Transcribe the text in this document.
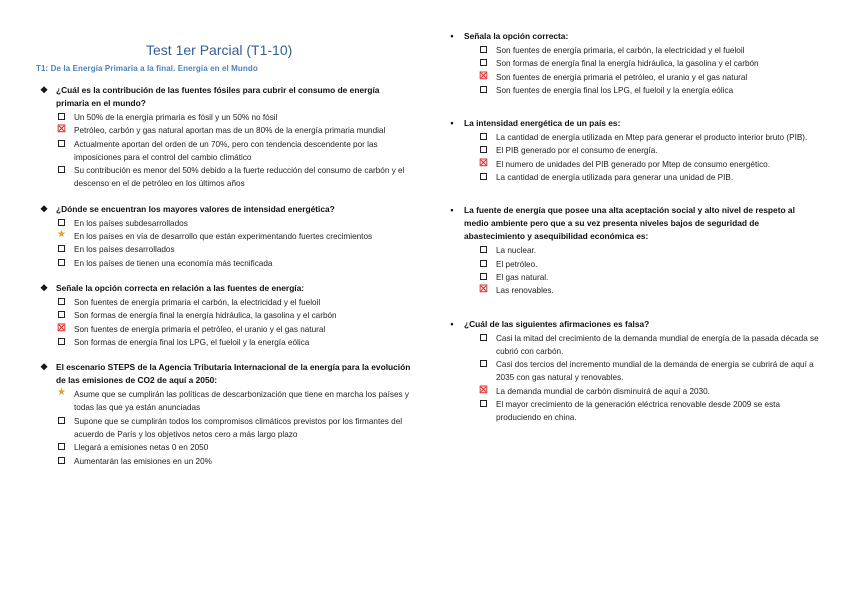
Test 1er Parcial (T1-10)
T1: De la Energía Primaria a la final. Energía en el Mundo
❖ ¿Cuál es la contribución de las fuentes fósiles para cubrir el consumo de energía primaria en el mundo?
Un 50% de la energía primaria es fósil y un 50% no fósil
☒ Petróleo, carbón y gas natural aportan mas de un 80% de la energía primaria mundial
Actualmente aportan del orden de un 70%, pero con tendencia descendente por las imposiciones para el control del cambio climático
Su contribución es menor del 50% debido a la fuerte reducción del consumo de carbón y el descenso en el de petróleo en los últimos años
❖ ¿Dónde se encuentran los mayores valores de intensidad energética?
En los países subdesarrollados
★ En los países en vía de desarrollo que están experimentando fuertes crecimientos
En los países desarrollados
En los países de tienen una economía más tecnificada
❖ Señale la opción correcta en relación a las fuentes de energía:
Son fuentes de energía primaria el carbón, la electricidad y el fueloil
Son formas de energía final la energía hidráulica, la gasolina y el carbón
☒ Son fuentes de energía primaria el petróleo, el uranio y el gas natural
Son formas de energía final los LPG, el fueloil y la energía eólica
❖ El escenario STEPS de la Agencia Tributaria Internacional de la energía para la evolución de las emisiones de CO2 de aquí a 2050:
★ Asume que se cumplirán las políticas de descarbonización que tiene en marcha los países y todas las que ya están anunciadas
Supone que se cumplirán todos los compromisos climáticos previstos por los firmantes del acuerdo de París y los objetivos netos cero a más largo plazo
Llegará a emisiones netas 0 en 2050
Aumentarán las emisiones en un 20%
•	Señala la opción correcta:
Son fuentes de energía primaria, el carbón, la electricidad y el fueloil
Son formas de energía final la energía hidráulica, la gasolina y el carbón
☒ Son fuentes de energía primaria el petróleo, el uranio y el gas natural
Son fuentes de energía final los LPG, el fueloil y la energía eólica
•	La intensidad energética de un país es:
La cantidad de energía utilizada en Mtep para generar el producto interior bruto (PIB).
El PIB generado por el consumo de energía.
☒ El numero de unidades del PIB generado por Mtep de consumo energético.
La cantidad de energía utilizada para generar una unidad de PIB.
•	La fuente de energía que posee una alta aceptación social y alto nivel de respeto al medio ambiente pero que a su vez presenta niveles bajos de seguridad de abastecimiento y asequibilidad económica es:
La nuclear.
El petróleo.
El gas natural.
☒ Las renovables.
•	¿Cuál de las siguientes afirmaciones es falsa?
Casi la mitad del crecimiento de la demanda mundial de energía de la pasada década se cubrió con carbón.
Casi dos tercios del incremento mundial de la demanda de energía se cubrirá de aquí a 2035 con gas natural y renovables.
☒ La demanda mundial de carbón disminuirá de aquí a 2030.
El mayor crecimiento de la generación eléctrica renovable desde 2009 se esta produciendo en china.
